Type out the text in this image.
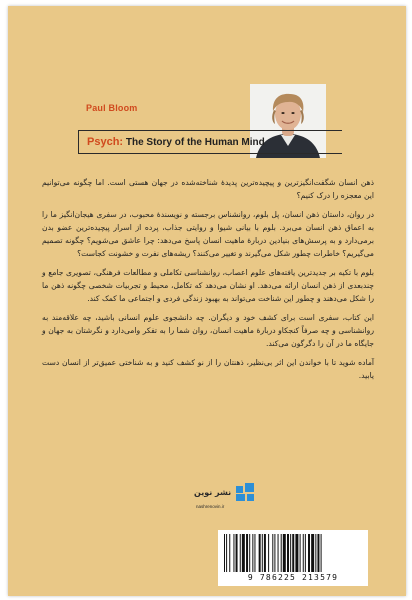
Paul Bloom
Psych:
The Story of the Human Mind

ذهن انسان شگفت‌انگیزترین و پیچیده‌ترین پدیدهٔ شناخته‌شده در جهان هستی است. اما چگونه می‌توانیم این معجزه را درک کنیم؟

در روان، داستان ذهن انسان، پل بلوم، روانشناس برجسته و نویسندهٔ محبوب، در سفری هیجان‌انگیز ما را به اعماق ذهن انسان می‌برد. بلوم با بیانی شیوا و روایتی جذاب، پرده از اسرار پیچیده‌ترین عضو بدن برمی‌دارد و به پرسش‌های بنیادین دربارهٔ ماهیت انسان پاسخ می‌دهد: چرا عاشق می‌شویم؟ چگونه تصمیم می‌گیریم؟ خاطرات چطور شکل می‌گیرند و تغییر می‌کنند؟ ریشه‌های نفرت و خشونت کجاست؟

بلوم با تکیه بر جدیدترین یافته‌های علوم اعصاب، روانشناسی تکاملی و مطالعات فرهنگی، تصویری جامع و چندبعدی از ذهن انسان ارائه می‌دهد. او نشان می‌دهد که تکامل، محیط و تجربیات شخصی چگونه ذهن ما را شکل می‌دهند و چطور این شناخت می‌تواند به بهبود زندگی فردی و اجتماعی ما کمک کند.

این کتاب، سفری است برای کشف خود و دیگران. چه دانشجوی علوم انسانی باشید، چه علاقه‌مند به روانشناسی و چه صرفاً کنجکاو دربارهٔ ماهیت انسان، روان شما را به تفکر وامی‌دارد و نگرشتان به جهان و جایگاه ما در آن را دگرگون می‌کند.

آماده شوید تا با خواندن این اثر بی‌نظیر، ذهنتان را از نو کشف کنید و به شناختی عمیق‌تر از انسان دست یابید.

نشر نوین
nashrenovin.ir
9 786225 213579
